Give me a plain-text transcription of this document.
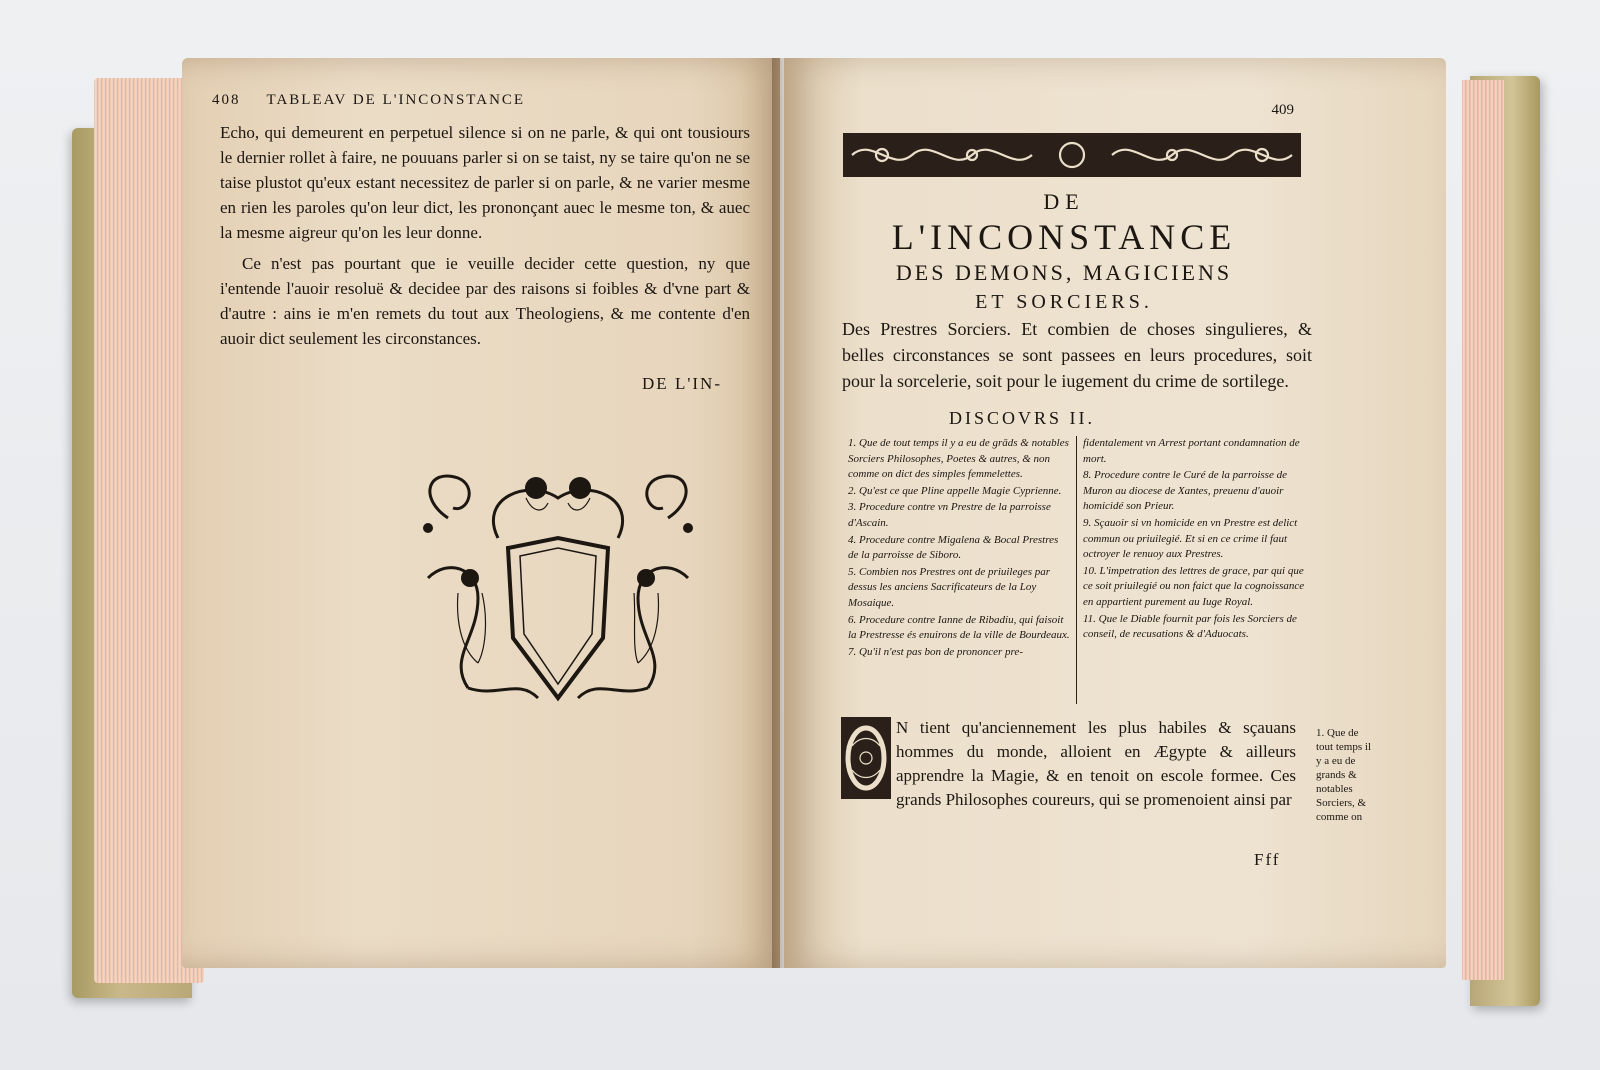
408 TABLEAV DE L'INCONSTANCE

Echo, qui demeurent en perpetuel silence si on ne parle, & qui ont tousiours le dernier rollet à faire, ne pouuans parler si on se taist, ny se taire qu'on ne se taise plustot qu'eux estant necessitez de parler si on parle, & ne varier mesme en rien les paroles qu'on leur dict, les prononçant auec le mesme ton, & auec la mesme aigreur qu'on les leur donne.

Ce n'est pas pourtant que ie veuille decider cette question, ny que i'entende l'auoir resoluë & decidee par des raisons si foibles & d'vne part & d'autre : ains ie m'en remets du tout aux Theologiens, & me contente d'en auoir dict seulement les circonstances.

DE L'IN-
409
DE
L'INCONSTANCE
DES DEMONS, MAGICIENS
ET SORCIERS.
Des Prestres Sorciers. Et combien de choses singulieres, & belles circonstances se sont passees en leurs procedures, soit pour la sorcelerie, soit pour le iugement du crime de sortilege.
DISCOVRS II.
1. Que de tout temps il y a eu de grāds & notables Sorciers Philosophes, Poetes & autres, & non comme on dict des simples femmelettes.
2. Qu'est ce que Pline appelle Magie Cyprienne.
3. Procedure contre vn Prestre de la parroisse d'Ascain.
4. Procedure contre Migalena & Bocal Prestres de la parroisse de Siboro.
5. Combien nos Prestres ont de priuileges par dessus les anciens Sacrificateurs de la Loy Mosaique.
6. Procedure contre Ianne de Ribadiu, qui faisoit la Prestresse és enuirons de la ville de Bourdeaux.
7. Qu'il n'est pas bon de prononcer pre-
fidentalement vn Arrest portant condamnation de mort.
8. Procedure contre le Curé de la parroisse de Muron au diocese de Xantes, preuenu d'auoir homicidé son Prieur.
9. Sçauoir si vn homicide en vn Prestre est delict commun ou priuilegié. Et si en ce crime il faut octroyer le renuoy aux Prestres.
10. L'impetration des lettres de grace, par qui que ce soit priuilegié ou non faict que la cognoissance en appartient purement au Iuge Royal.
11. Que le Diable fournit par fois les Sorciers de conseil, de recusations & d'Aduocats.
N tient qu'anciennement les plus habiles & sçauans hommes du monde, alloient en Ægypte & ailleurs apprendre la Magie, & en tenoit on escole formee. Ces grands Philosophes coureurs, qui se promenoient ainsi par
1. Que de tout temps il y a eu de grands & notables Sorciers, & comme on
Fff
